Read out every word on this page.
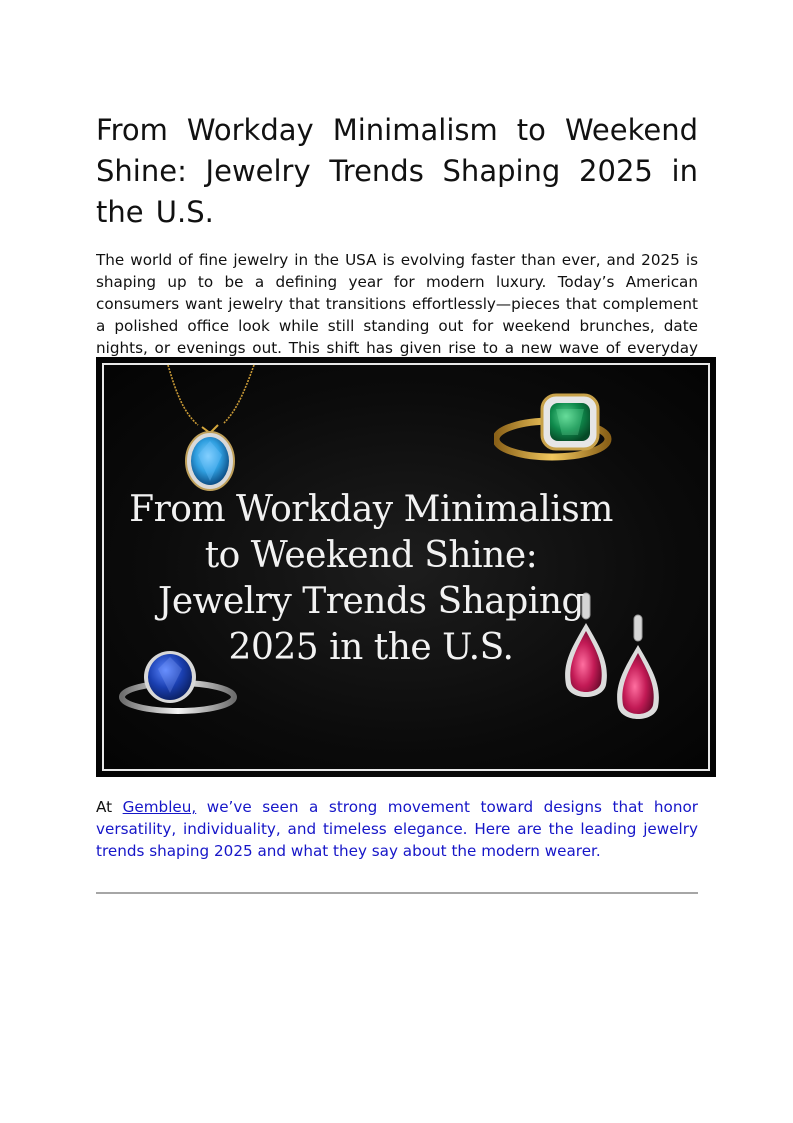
From Workday Minimalism to Weekend Shine: Jewelry Trends Shaping 2025 in the U.S.

The world of fine jewelry in the USA is evolving faster than ever, and 2025 is shaping up to be a defining year for modern luxury. Today’s American consumers want jewelry that transitions effortlessly—pieces that complement a polished office look while still standing out for weekend brunches, date nights, or evenings out. This shift has given rise to a new wave of everyday

From Workday Minimalism
to Weekend Shine:
Jewelry Trends Shaping
2025 in the U.S.

At Gembleu, we’ve seen a strong movement toward designs that honor versatility, individuality, and timeless elegance. Here are the leading jewelry trends shaping 2025 and what they say about the modern wearer.
